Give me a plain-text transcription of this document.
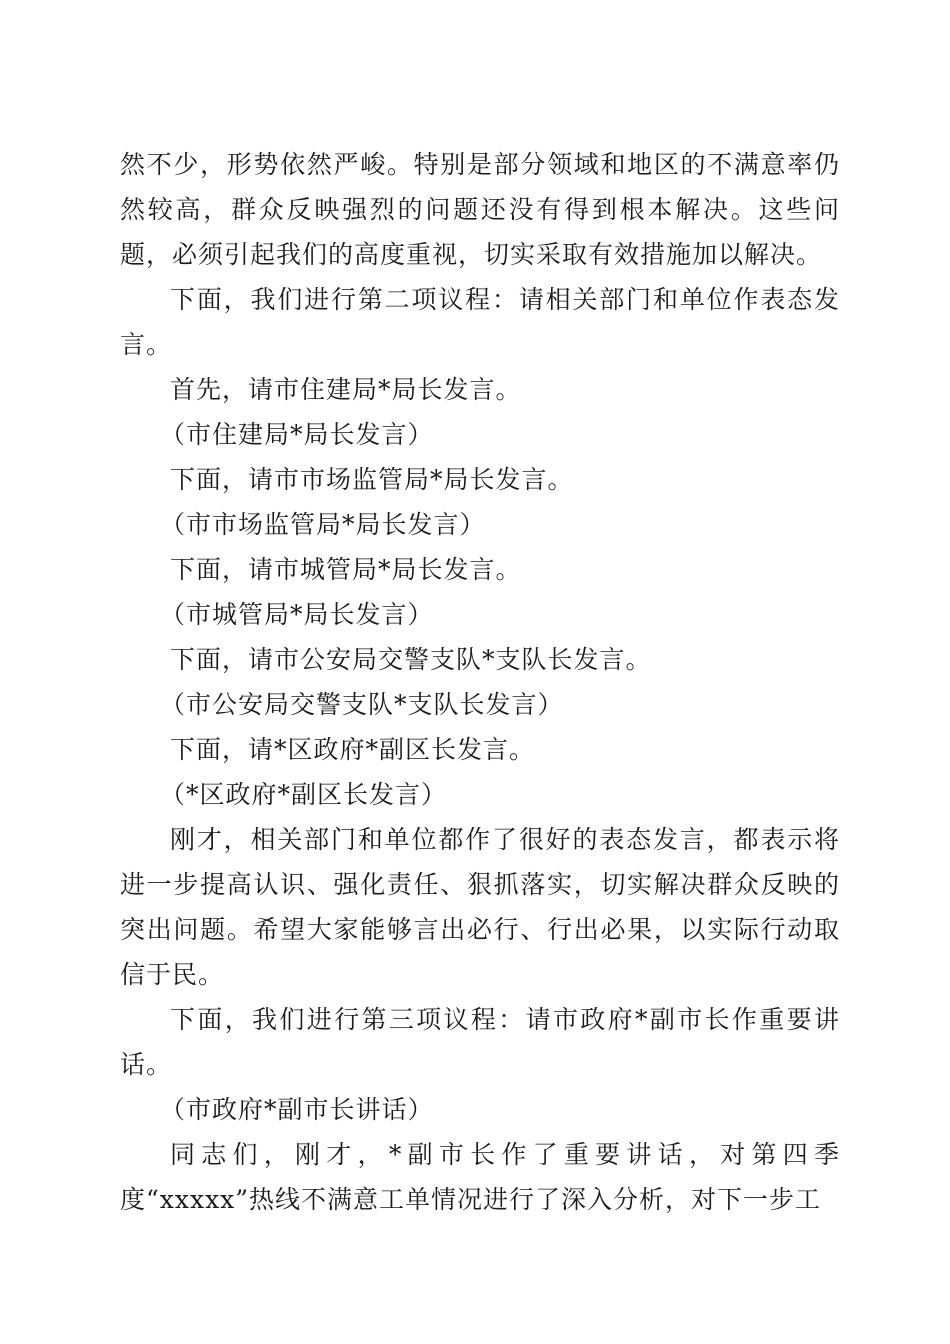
然不少，形势依然严峻。特别是部分领域和地区的不满意率仍然较高，群众反映强烈的问题还没有得到根本解决。这些问题，必须引起我们的高度重视，切实采取有效措施加以解决。

下面，我们进行第二项议程：请相关部门和单位作表态发言。

首先，请市住建局*局长发言。

（市住建局*局长发言）

下面，请市市场监管局*局长发言。

（市市场监管局*局长发言）

下面，请市城管局*局长发言。

（市城管局*局长发言）

下面，请市公安局交警支队*支队长发言。

（市公安局交警支队*支队长发言）

下面，请*区政府*副区长发言。

（*区政府*副区长发言）

刚才，相关部门和单位都作了很好的表态发言，都表示将进一步提高认识、强化责任、狠抓落实，切实解决群众反映的突出问题。希望大家能够言出必行、行出必果，以实际行动取信于民。

下面，我们进行第三项议程：请市政府*副市长作重要讲话。

（市政府*副市长讲话）

同志们，刚才，*副市长作了重要讲话，对第四季度“xxxxx”热线不满意工单情况进行了深入分析，对下一步工
